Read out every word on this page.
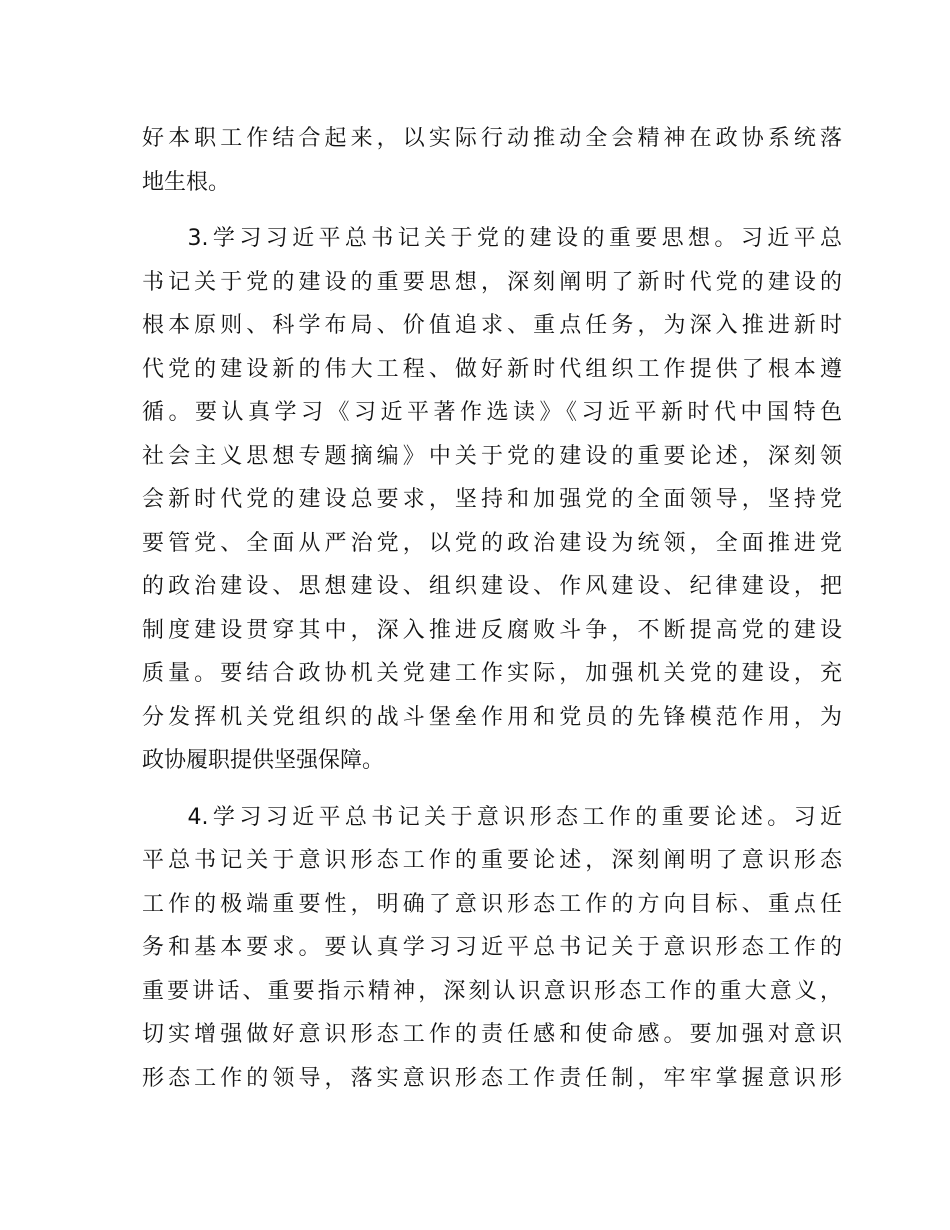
好本职工作结合起来，以实际行动推动全会精神在政协系统落
地生根。
3.学习习近平总书记关于党的建设的重要思想。习近平总
书记关于党的建设的重要思想，深刻阐明了新时代党的建设的
根本原则、科学布局、价值追求、重点任务，为深入推进新时
代党的建设新的伟大工程、做好新时代组织工作提供了根本遵
循。要认真学习《习近平著作选读》《习近平新时代中国特色
社会主义思想专题摘编》中关于党的建设的重要论述，深刻领
会新时代党的建设总要求，坚持和加强党的全面领导，坚持党
要管党、全面从严治党，以党的政治建设为统领，全面推进党
的政治建设、思想建设、组织建设、作风建设、纪律建设，把
制度建设贯穿其中，深入推进反腐败斗争，不断提高党的建设
质量。要结合政协机关党建工作实际，加强机关党的建设，充
分发挥机关党组织的战斗堡垒作用和党员的先锋模范作用，为
政协履职提供坚强保障。
4.学习习近平总书记关于意识形态工作的重要论述。习近
平总书记关于意识形态工作的重要论述，深刻阐明了意识形态
工作的极端重要性，明确了意识形态工作的方向目标、重点任
务和基本要求。要认真学习习近平总书记关于意识形态工作的
重要讲话、重要指示精神，深刻认识意识形态工作的重大意义，
切实增强做好意识形态工作的责任感和使命感。要加强对意识
形态工作的领导，落实意识形态工作责任制，牢牢掌握意识形
